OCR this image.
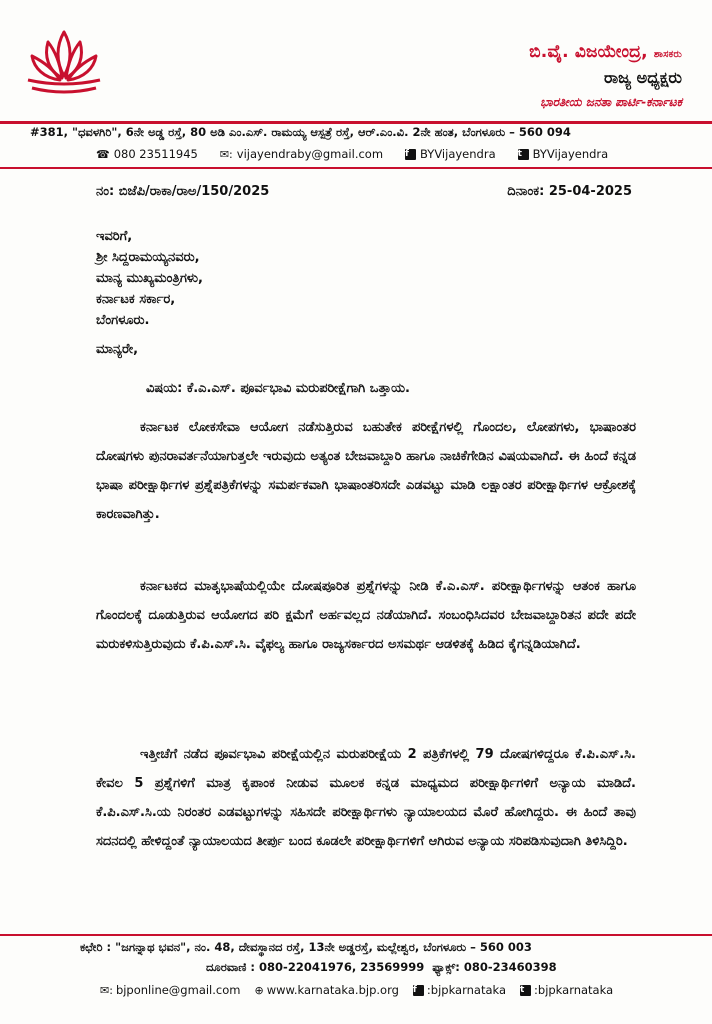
ಬಿ.ವೈ. ವಿಜಯೇಂದ್ರ, ಶಾಸಕರು
ರಾಜ್ಯ ಅಧ್ಯಕ್ಷರು
ಭಾರತೀಯ ಜನತಾ ಪಾರ್ಟಿ-ಕರ್ನಾಟಕ
#381, "ಧವಳಗಿರಿ", 6ನೇ ಅಡ್ಡ ರಸ್ತೆ, 80 ಅಡಿ ಎಂ.ಎಸ್. ರಾಮಯ್ಯ ಆಸ್ಪತ್ರೆ ರಸ್ತೆ, ಆರ್.ಎಂ.ವಿ. 2ನೇ ಹಂತ, ಬೆಂಗಳೂರು – 560 094
☎ 080 23511945 ✉: vijayendraby@gmail.com f BYVijayendra t BYVijayendra
ನಂ: ಬಿಜೆಪಿ/ರಾಕಾ/ರಾಅ/150/2025	ದಿನಾಂಕ: 25-04-2025
ಇವರಿಗೆ,
ಶ್ರೀ ಸಿದ್ದರಾಮಯ್ಯನವರು,
ಮಾನ್ಯ ಮುಖ್ಯಮಂತ್ರಿಗಳು,
ಕರ್ನಾಟಕ ಸರ್ಕಾರ,
ಬೆಂಗಳೂರು.
ಮಾನ್ಯರೇ,
ವಿಷಯ: ಕೆ.ಎ.ಎಸ್. ಪೂರ್ವಭಾವಿ ಮರುಪರೀಕ್ಷೆಗಾಗಿ ಒತ್ತಾಯ.
ಕರ್ನಾಟಕ ಲೋಕಸೇವಾ ಆಯೋಗ ನಡೆಸುತ್ತಿರುವ ಬಹುತೇಕ ಪರೀಕ್ಷೆಗಳಲ್ಲಿ ಗೊಂದಲ, ಲೋಪಗಳು, ಭಾಷಾಂತರ ದೋಷಗಳು ಪುನರಾವರ್ತನೆಯಾಗುತ್ತಲೇ ಇರುವುದು ಅತ್ಯಂತ ಬೇಜವಾಬ್ದಾರಿ ಹಾಗೂ ನಾಚಿಕೆಗೇಡಿನ ವಿಷಯವಾಗಿದೆ. ಈ ಹಿಂದೆ ಕನ್ನಡ ಭಾಷಾ ಪರೀಕ್ಷಾರ್ಥಿಗಳ ಪ್ರಶ್ನೆಪತ್ರಿಕೆಗಳನ್ನು ಸಮರ್ಪಕವಾಗಿ ಭಾಷಾಂತರಿಸದೇ ಎಡವಟ್ಟು ಮಾಡಿ ಲಕ್ಷಾಂತರ ಪರೀಕ್ಷಾರ್ಥಿಗಳ ಆಕ್ರೋಶಕ್ಕೆ ಕಾರಣವಾಗಿತ್ತು.
ಕರ್ನಾಟಕದ ಮಾತೃಭಾಷೆಯಲ್ಲಿಯೇ ದೋಷಪೂರಿತ ಪ್ರಶ್ನೆಗಳನ್ನು ನೀಡಿ ಕೆ.ಎ.ಎಸ್. ಪರೀಕ್ಷಾರ್ಥಿಗಳನ್ನು ಆತಂಕ ಹಾಗೂ ಗೊಂದಲಕ್ಕೆ ದೂಡುತ್ತಿರುವ ಆಯೋಗದ ಪರಿ ಕ್ಷಮೆಗೆ ಅರ್ಹವಲ್ಲದ ನಡೆಯಾಗಿದೆ. ಸಂಬಂಧಿಸಿದವರ ಬೇಜವಾಬ್ದಾರಿತನ ಪದೇ ಪದೇ ಮರುಕಳಿಸುತ್ತಿರುವುದು ಕೆ.ಪಿ.ಎಸ್.ಸಿ. ವೈಫಲ್ಯ ಹಾಗೂ ರಾಜ್ಯಸರ್ಕಾರದ ಅಸಮರ್ಥ ಆಡಳಿತಕ್ಕೆ ಹಿಡಿದ ಕೈಗನ್ನಡಿಯಾಗಿದೆ.
ಇತ್ತೀಚೆಗೆ ನಡೆದ ಪೂರ್ವಭಾವಿ ಪರೀಕ್ಷೆಯಲ್ಲಿನ ಮರುಪರೀಕ್ಷೆಯ 2 ಪತ್ರಿಕೆಗಳಲ್ಲಿ 79 ದೋಷಗಳಿದ್ದರೂ ಕೆ.ಪಿ.ಎಸ್.ಸಿ. ಕೇವಲ 5 ಪ್ರಶ್ನೆಗಳಿಗೆ ಮಾತ್ರ ಕೃಪಾಂಕ ನೀಡುವ ಮೂಲಕ ಕನ್ನಡ ಮಾಧ್ಯಮದ ಪರೀಕ್ಷಾರ್ಥಿಗಳಿಗೆ ಅನ್ಯಾಯ ಮಾಡಿದೆ. ಕೆ.ಪಿ.ಎಸ್.ಸಿ.ಯ ನಿರಂತರ ಎಡವಟ್ಟುಗಳನ್ನು ಸಹಿಸದೇ ಪರೀಕ್ಷಾರ್ಥಿಗಳು ನ್ಯಾಯಾಲಯದ ಮೊರೆ ಹೋಗಿದ್ದರು. ಈ ಹಿಂದೆ ತಾವು ಸದನದಲ್ಲಿ ಹೇಳಿದ್ದಂತೆ ನ್ಯಾಯಾಲಯದ ತೀರ್ಪು ಬಂದ ಕೂಡಲೇ ಪರೀಕ್ಷಾರ್ಥಿಗಳಿಗೆ ಆಗಿರುವ ಅನ್ಯಾಯ ಸರಿಪಡಿಸುವುದಾಗಿ ತಿಳಿಸಿದ್ದಿರಿ.
ಕಛೇರಿ : "ಜಗನ್ನಾಥ ಭವನ", ನಂ. 48, ದೇವಸ್ಥಾನದ ರಸ್ತೆ, 13ನೇ ಅಡ್ಡರಸ್ತೆ, ಮಲ್ಲೇಶ್ವರ, ಬೆಂಗಳೂರು – 560 003
ದೂರವಾಣಿ : 080-22041976, 23569999 ಫ್ಯಾಕ್ಸ್: 080-23460398
✉: bjponline@gmail.com ⊕ www.karnataka.bjp.org f :bjpkarnataka t :bjpkarnataka
